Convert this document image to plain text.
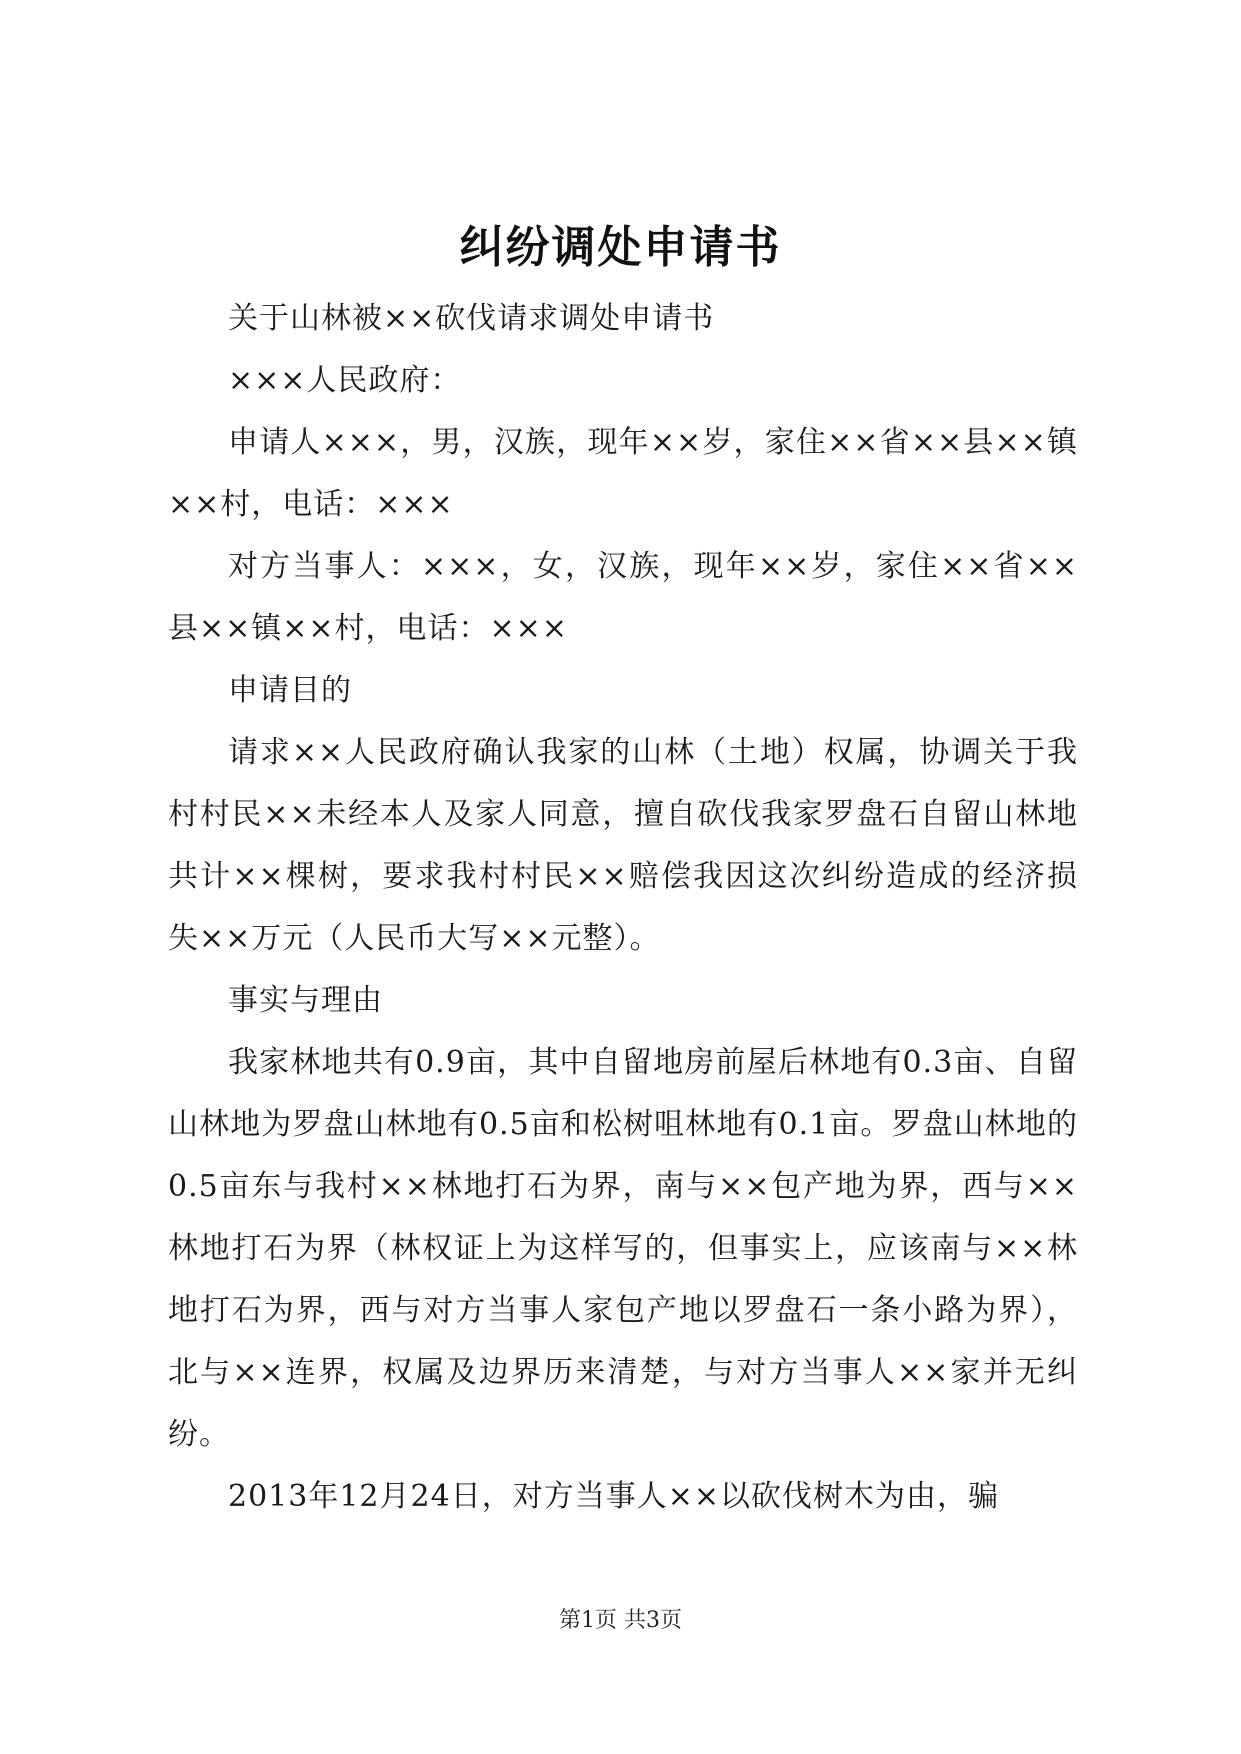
纠纷调处申请书

关于山林被××砍伐请求调处申请书

×××人民政府：

申请人×××，男，汉族，现年××岁，家住××省××县××镇××村，电话：×××

对方当事人：×××，女，汉族，现年××岁，家住××省××县××镇××村，电话：×××

申请目的

请求××人民政府确认我家的山林（土地）权属，协调关于我村村民××未经本人及家人同意，擅自砍伐我家罗盘石自留山林地共计××棵树，要求我村村民××赔偿我因这次纠纷造成的经济损失××万元（人民币大写××元整）。

事实与理由

我家林地共有0.9亩，其中自留地房前屋后林地有0.3亩、自留山林地为罗盘山林地有0.5亩和松树咀林地有0.1亩。罗盘山林地的0.5亩东与我村××林地打石为界，南与××包产地为界，西与××林地打石为界（林权证上为这样写的，但事实上，应该南与××林地打石为界，西与对方当事人家包产地以罗盘石一条小路为界），北与××连界，权属及边界历来清楚，与对方当事人××家并无纠纷。

2013年12月24日，对方当事人××以砍伐树木为由，骗

第1页 共3页
